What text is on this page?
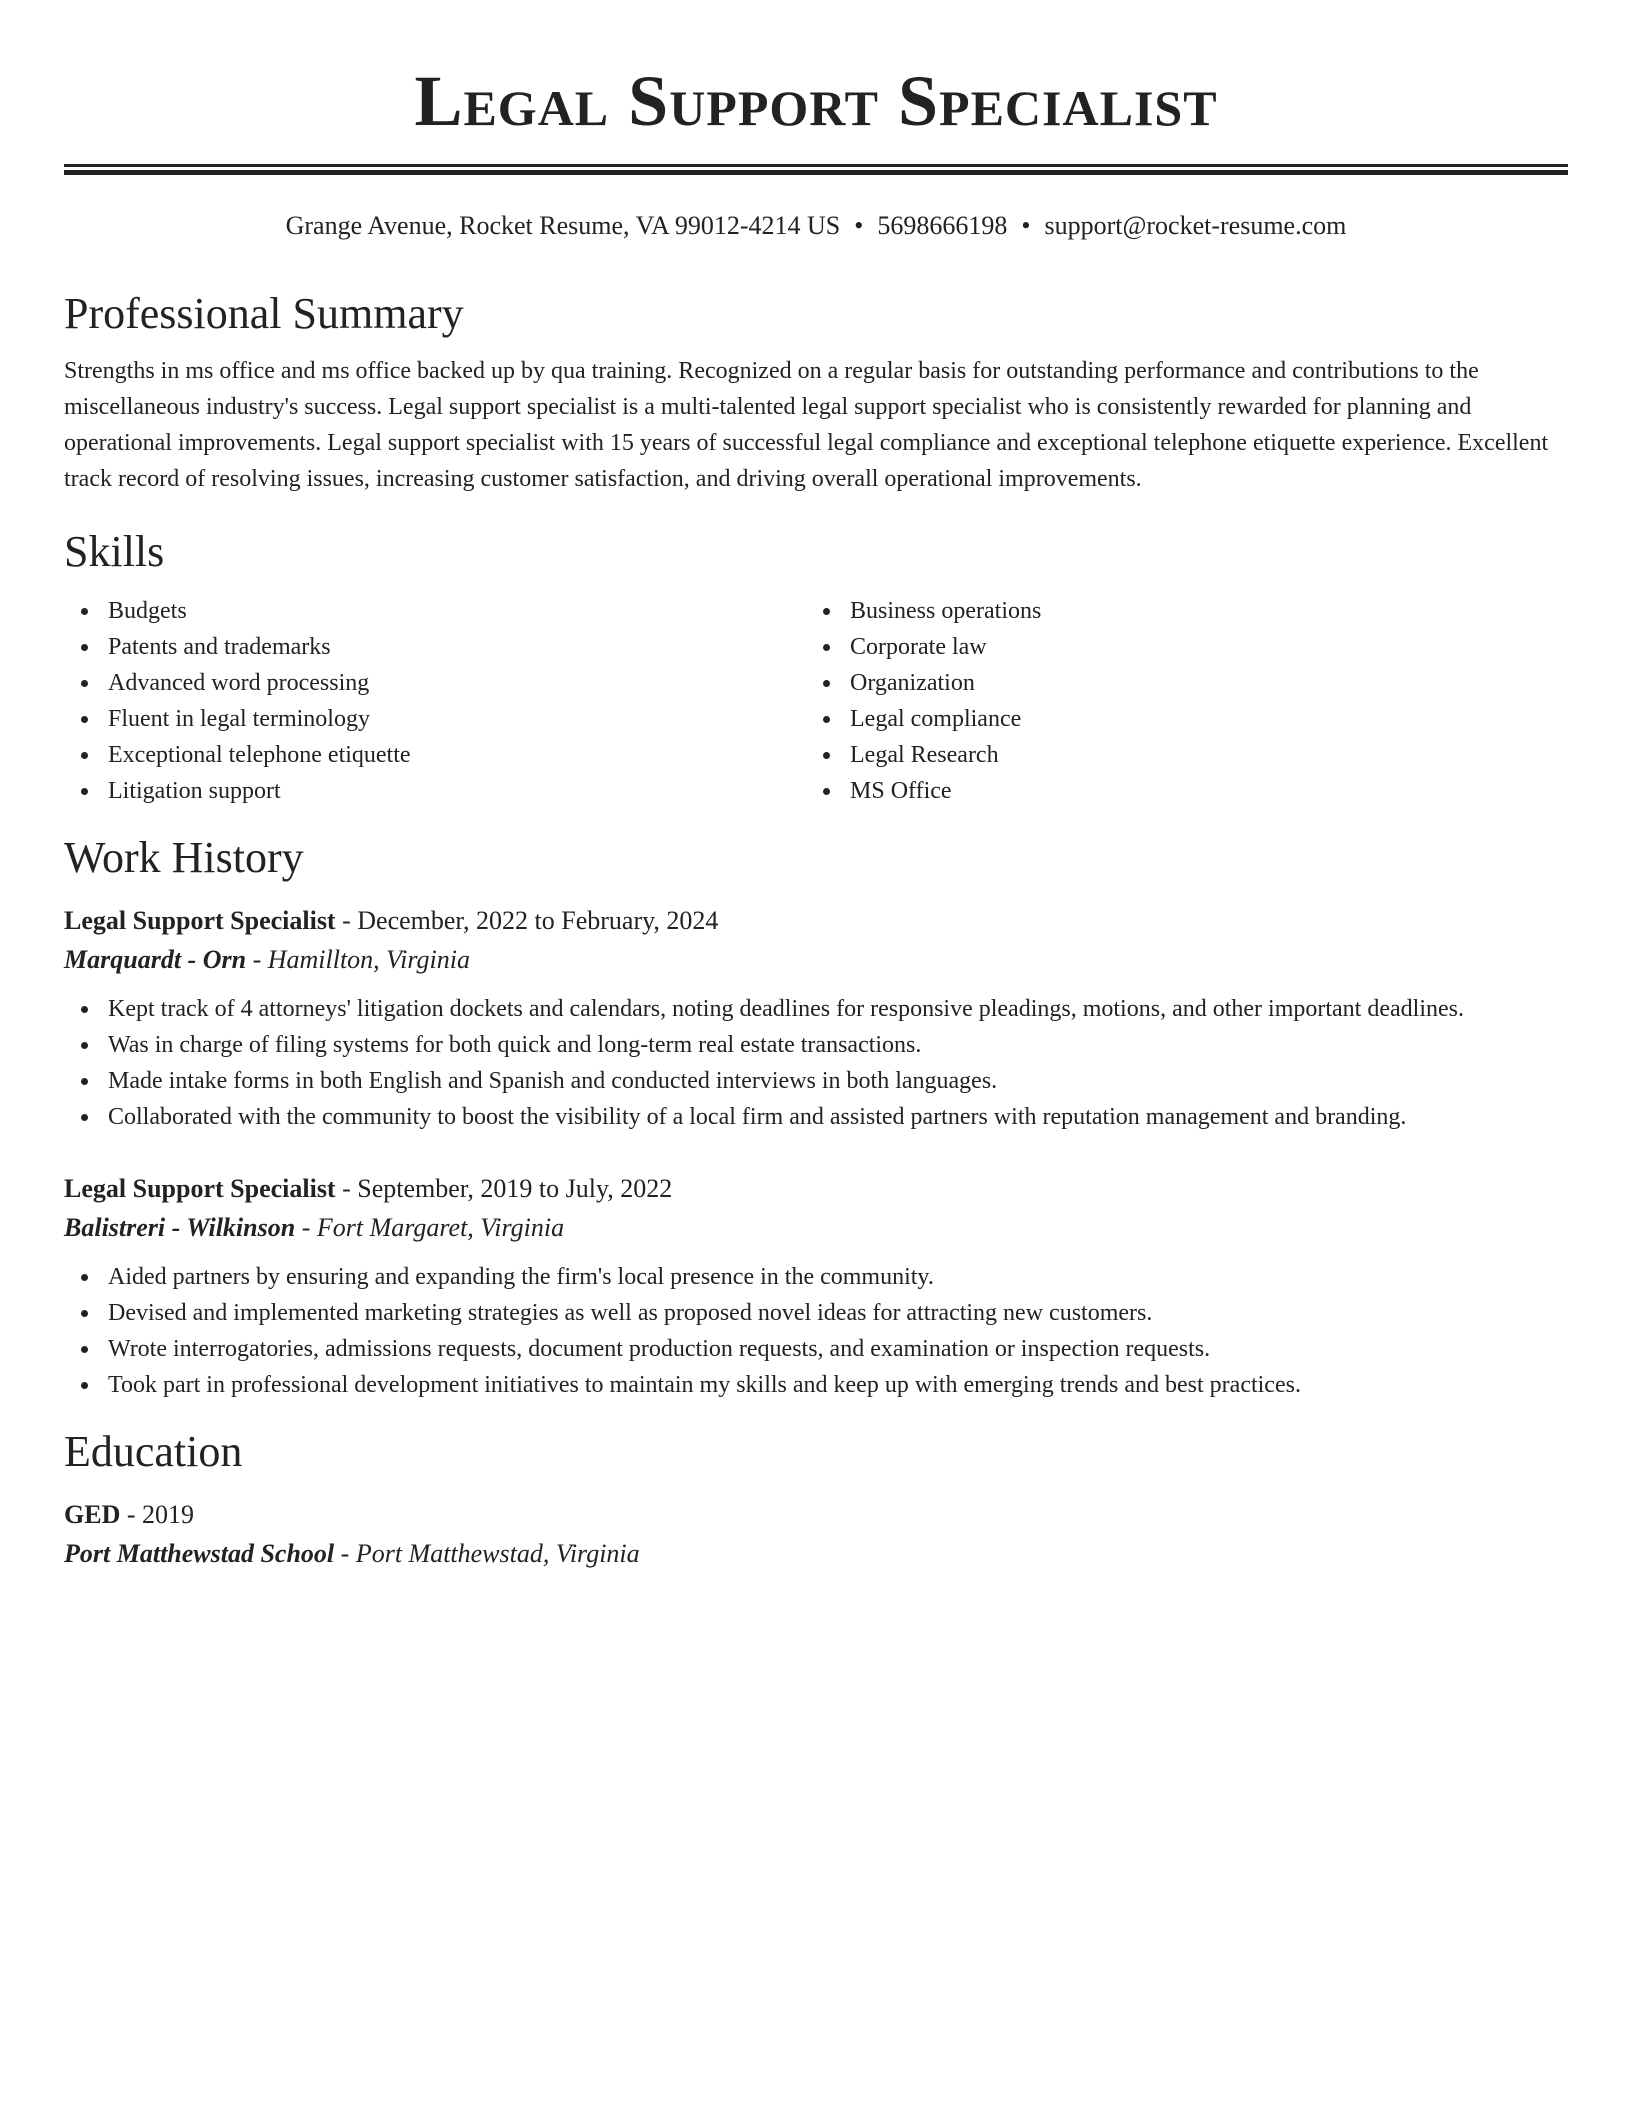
Legal Support Specialist
Grange Avenue, Rocket Resume, VA 99012-4214 US • 5698666198 • support@rocket-resume.com
Professional Summary

Strengths in ms office and ms office backed up by qua training. Recognized on a regular basis for outstanding performance and contributions to the miscellaneous industry's success. Legal support specialist is a multi-talented legal support specialist who is consistently rewarded for planning and operational improvements. Legal support specialist with 15 years of successful legal compliance and exceptional telephone etiquette experience. Excellent track record of resolving issues, increasing customer satisfaction, and driving overall operational improvements.

Skills
Budgets
Patents and trademarks
Advanced word processing
Fluent in legal terminology
Exceptional telephone etiquette
Litigation support
Business operations
Corporate law
Organization
Legal compliance
Legal Research
MS Office
Work History
Legal Support Specialist - December, 2022 to February, 2024
Marquardt - Orn - Hamillton, Virginia
Kept track of 4 attorneys' litigation dockets and calendars, noting deadlines for responsive pleadings, motions, and other important deadlines.
Was in charge of filing systems for both quick and long-term real estate transactions.
Made intake forms in both English and Spanish and conducted interviews in both languages.
Collaborated with the community to boost the visibility of a local firm and assisted partners with reputation management and branding.
Legal Support Specialist - September, 2019 to July, 2022
Balistreri - Wilkinson - Fort Margaret, Virginia
Aided partners by ensuring and expanding the firm's local presence in the community.
Devised and implemented marketing strategies as well as proposed novel ideas for attracting new customers.
Wrote interrogatories, admissions requests, document production requests, and examination or inspection requests.
Took part in professional development initiatives to maintain my skills and keep up with emerging trends and best practices.
Education
GED - 2019
Port Matthewstad School - Port Matthewstad, Virginia
